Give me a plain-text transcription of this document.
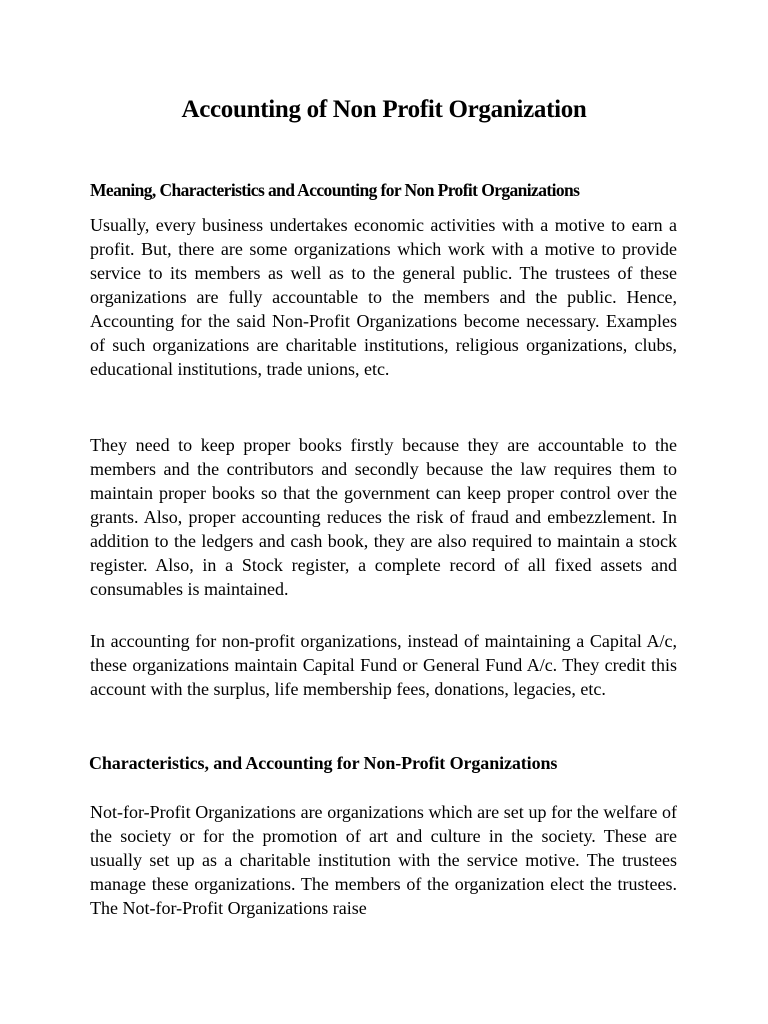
Accounting of Non Profit Organization
Meaning, Characteristics and Accounting for Non Profit Organizations

Usually, every business undertakes economic activities with a motive to earn a profit. But, there are some organizations which work with a motive to provide service to its members as well as to the general public. The trustees of these organizations are fully accountable to the members and the public. Hence, Accounting for the said Non-Profit Organizations become necessary. Examples of such organizations are charitable institutions, religious organizations, clubs, educational institutions, trade unions, etc.

They need to keep proper books firstly because they are accountable to the members and the contributors and secondly because the law requires them to maintain proper books so that the government can keep proper control over the grants. Also, proper accounting reduces the risk of fraud and embezzlement. In addition to the ledgers and cash book, they are also required to maintain a stock register. Also, in a Stock register, a complete record of all fixed assets and consumables is maintained.

In accounting for non-profit organizations, instead of maintaining a Capital A/c, these organizations maintain Capital Fund or General Fund A/c. They credit this account with the surplus, life membership fees, donations, legacies, etc.

Characteristics, and Accounting for Non-Profit Organizations

Not-for-Profit Organizations are organizations which are set up for the welfare of the society or for the promotion of art and culture in the society. These are usually set up as a charitable institution with the service motive. The trustees manage these organizations. The members of the organization elect the trustees. The Not-for-Profit Organizations raise
